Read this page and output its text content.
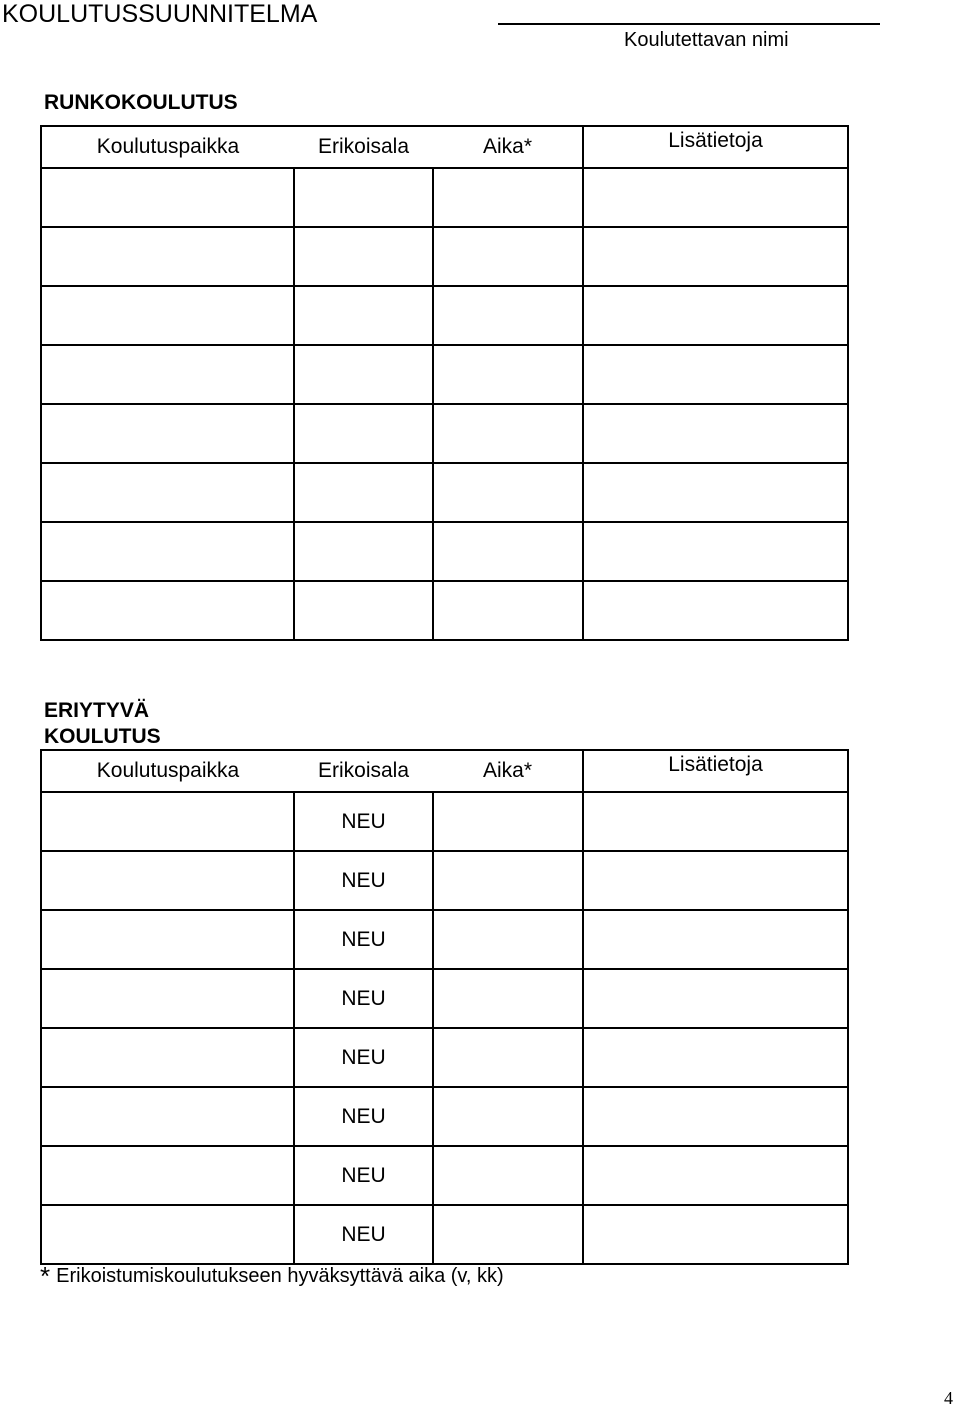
KOULUTUSSUUNNITELMA
Koulutettavan nimi
RUNKOKOULUTUS
Koulutuspaikka	Erikoisala	Aika*	Lisätietoja

ERIYTYVÄ
KOULUTUS
Koulutuspaikka	Erikoisala	Aika*	Lisätietoja
	NEU		
	NEU		
	NEU		
	NEU		
	NEU		
	NEU		
	NEU		
	NEU		
* Erikoistumiskoulutukseen hyväksyttävä aika (v, kk)
4
